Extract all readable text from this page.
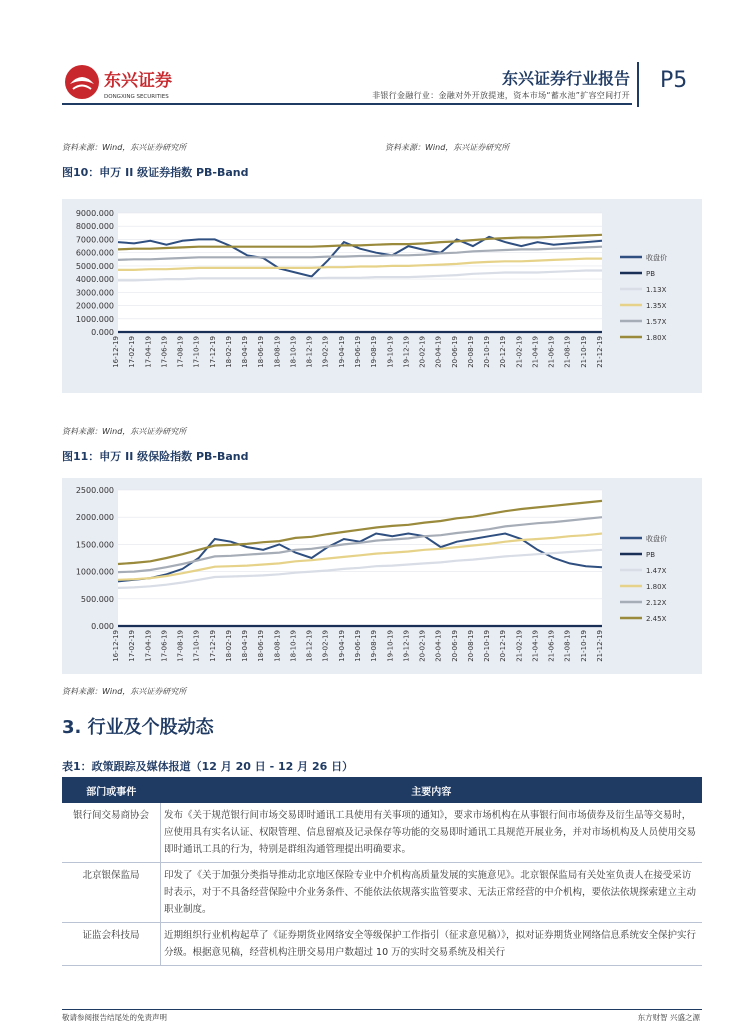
东兴证券
DONGXING SECURITIES
东兴证券行业报告
非银行金融行业：金融对外开放提速，资本市场“蓄水池”扩容空间打开
P5
资料来源：Wind，东兴证券研究所	资料来源：Wind，东兴证券研究所
图10：申万 II 级证券指数 PB-Band
9000.000
8000.000
7000.000
6000.000
5000.000
4000.000
3000.000
2000.000
1000.000
0.000
16-12-19 17-02-19 17-04-19 17-06-19 17-08-19 17-10-19 17-12-19 18-02-19 18-04-19 18-06-19 18-08-19 18-10-19 18-12-19 19-02-19 19-04-19 19-06-19 19-08-19 19-10-19 19-12-19 20-02-19 20-04-19 20-06-19 20-08-19 20-10-19 20-12-19 21-02-19 21-04-19 21-06-19 21-08-19 21-10-19 21-12-19
收盘价
PB
1.13X
1.35X
1.57X
1.80X
资料来源：Wind，东兴证券研究所
图11：申万 II 级保险指数 PB-Band
2500.000
2000.000
1500.000
1000.000
500.000
0.000
16-12-19 17-02-19 17-04-19 17-06-19 17-08-19 17-10-19 17-12-19 18-02-19 18-04-19 18-06-19 18-08-19 18-10-19 18-12-19 19-02-19 19-04-19 19-06-19 19-08-19 19-10-19 19-12-19 20-02-19 20-04-19 20-06-19 20-08-19 20-10-19 20-12-19 21-02-19 21-04-19 21-06-19 21-08-19 21-10-19 21-12-19
收盘价
PB
1.47X
1.80X
2.12X
2.45X
资料来源：Wind，东兴证券研究所
3. 行业及个股动态
表1：政策跟踪及媒体报道（12 月 20 日 - 12 月 26 日）
部门或事件	主要内容
银行间交易商协会	发布《关于规范银行间市场交易即时通讯工具使用有关事项的通知》，要求市场机构在从事银行间市场债券及衍生品等交易时，应使用具有实名认证、权限管理、信息留痕及记录保存等功能的交易即时通讯工具规范开展业务，并对市场机构及人员使用交易即时通讯工具的行为，特别是群组沟通管理提出明确要求。
北京银保监局	印发了《关于加强分类指导推动北京地区保险专业中介机构高质量发展的实施意见》。北京银保监局有关处室负责人在接受采访时表示，对于不具备经营保险中介业务条件、不能依法依规落实监管要求、无法正常经营的中介机构，要依法依规探索建立主动职业制度。
证监会科技局	近期组织行业机构起草了《证券期货业网络安全等级保护工作指引（征求意见稿）》，拟对证券期货业网络信息系统安全保护实行分级。根据意见稿，经营机构注册交易用户数超过 10 万的实时交易系统及相关行
敬请参阅报告结尾处的免责声明	东方财智 兴盛之源
